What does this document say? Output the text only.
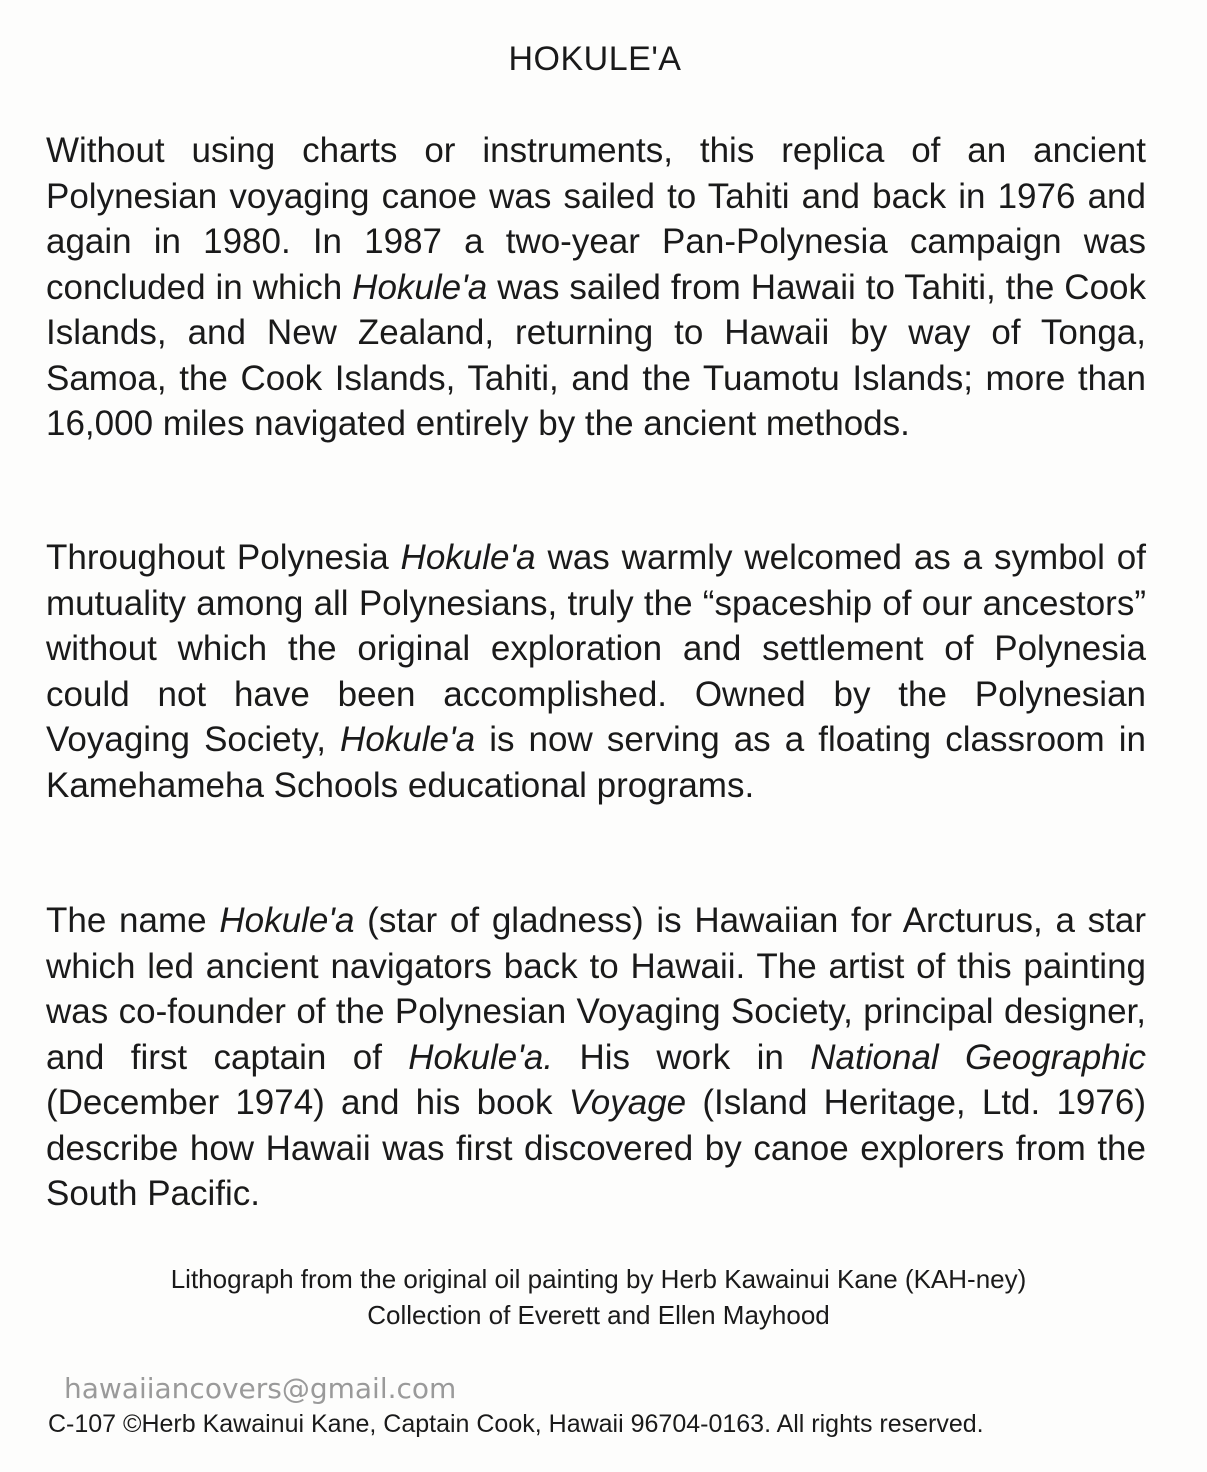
HOKULE'A
Without using charts or instruments, this replica of an ancient Polynesian voyaging canoe was sailed to Tahiti and back in 1976 and again in 1980. In 1987 a two-year Pan-Polynesia campaign was concluded in which Hokule'a was sailed from Hawaii to Tahiti, the Cook Islands, and New Zealand, returning to Hawaii by way of Tonga, Samoa, the Cook Islands, Tahiti, and the Tuamotu Islands; more than 16,000 miles navigated entirely by the ancient methods.
Throughout Polynesia Hokule'a was warmly welcomed as a symbol of mutuality among all Polynesians, truly the “spaceship of our ancestors” without which the original exploration and settlement of Polynesia could not have been accomplished. Owned by the Polynesian Voyaging Society, Hokule'a is now serving as a floating classroom in Kamehameha Schools educational programs.
The name Hokule'a (star of gladness) is Hawaiian for Arcturus, a star which led ancient navigators back to Hawaii. The artist of this painting was co-founder of the Polynesian Voyaging Society, principal designer, and first captain of Hokule'a. His work in National Geographic (December 1974) and his book Voyage (Island Heritage, Ltd. 1976) describe how Hawaii was first discovered by canoe explorers from the South Pacific.
Lithograph from the original oil painting by Herb Kawainui Kane (KAH-ney)
Collection of Everett and Ellen Mayhood
hawaiiancovers@gmail.com
C-107 ©Herb Kawainui Kane, Captain Cook, Hawaii 96704-0163. All rights reserved.
